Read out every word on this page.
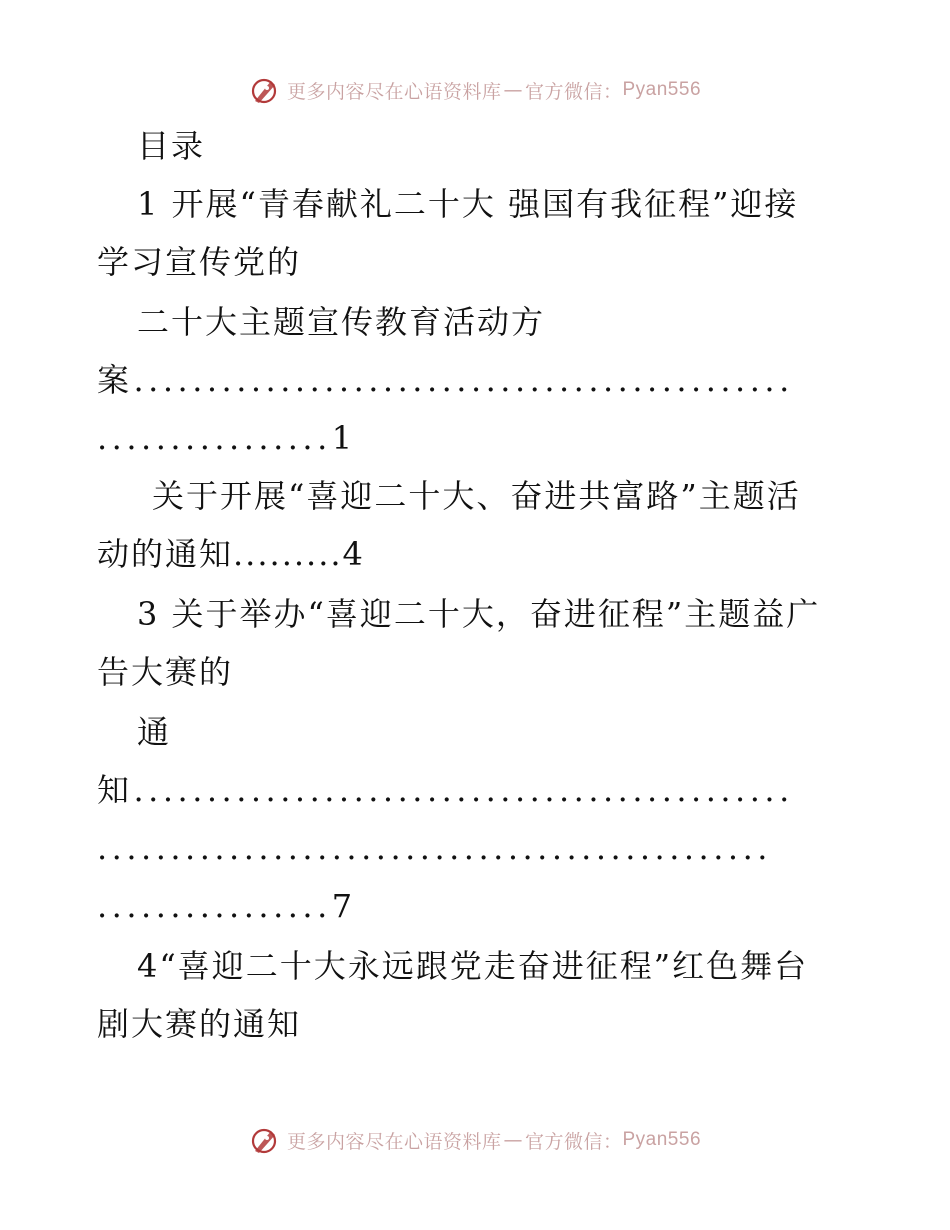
更多内容尽在心语资料库 — 官方微信： Pyan556
目录
1 开展“青春献礼二十大 强国有我征程”迎接
学习宣传党的
二十大主题宣传教育活动方
案.............................................
................1
关于开展“喜迎二十大、奋进共富路”主题活
动的通知.........4
3 关于举办“喜迎二十大，奋进征程”主题益广
告大赛的
通
知.............................................
..............................................
................7
4“喜迎二十大永远跟党走奋进征程”红色舞台
剧大赛的通知
更多内容尽在心语资料库 — 官方微信： Pyan556
